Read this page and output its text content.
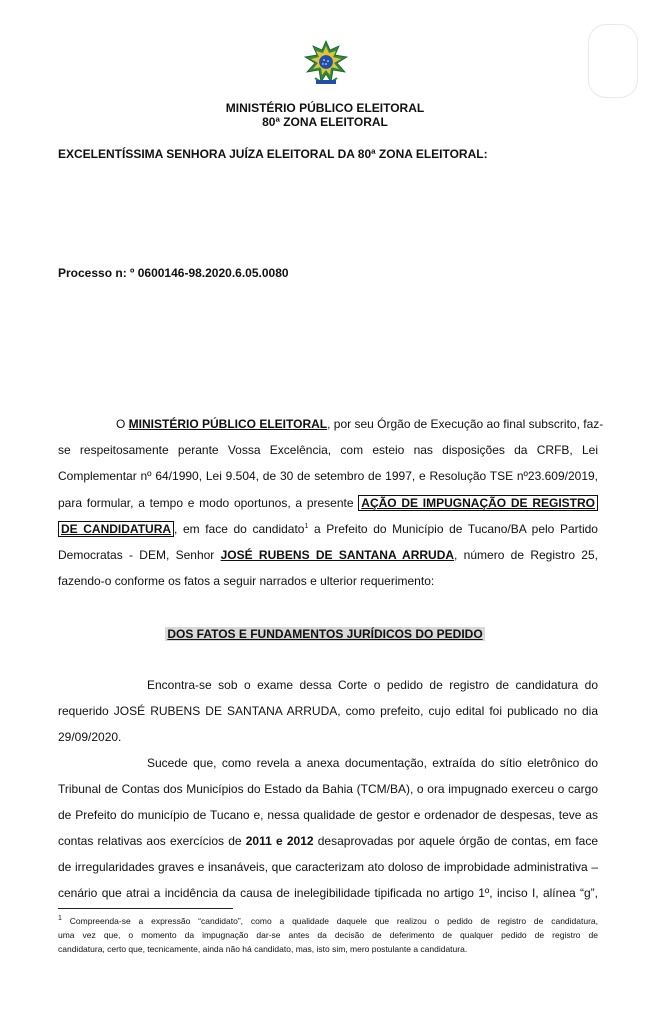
MINISTÉRIO PÚBLICO ELEITORAL
80ª ZONA ELEITORAL
EXCELENTÍSSIMA SENHORA JUÍZA ELEITORAL DA 80ª ZONA ELEITORAL:
Processo n: º 0600146-98.2020.6.05.0080
O MINISTÉRIO PÚBLICO ELEITORAL, por seu Órgão de Execução ao final subscrito, faz-
se respeitosamente perante Vossa Excelência, com esteio nas disposições da CRFB, Lei
Complementar nº 64/1990, Lei 9.504, de 30 de setembro de 1997, e Resolução TSE nº23.609/2019,
para formular, a tempo e modo oportunos, a presente AÇÃO DE IMPUGNAÇÃO DE REGISTRO
DE CANDIDATURA , em face do candidato$^1$ a Prefeito do Município de Tucano/BA pelo Partido
Democratas - DEM, Senhor JOSÉ RUBENS DE SANTANA ARRUDA, número de Registro 25,
fazendo-o conforme os fatos a seguir narrados e ulterior requerimento:
DOS FATOS E FUNDAMENTOS JURÍDICOS DO PEDIDO
Encontra-se sob o exame dessa Corte o pedido de registro de candidatura do
requerido JOSÉ RUBENS DE SANTANA ARRUDA, como prefeito, cujo edital foi publicado no dia
29/09/2020.
Sucede que, como revela a anexa documentação, extraída do sítio eletrônico do
Tribunal de Contas dos Municípios do Estado da Bahia (TCM/BA), o ora impugnado exerceu o cargo
de Prefeito do município de Tucano e, nessa qualidade de gestor e ordenador de despesas, teve as
contas relativas aos exercícios de 2011 e 2012 desaprovadas por aquele órgão de contas, em face
de irregularidades graves e insanáveis, que caracterizam ato doloso de improbidade administrativa –
cenário que atrai a incidência da causa de inelegibilidade tipificada no artigo 1º, inciso I, alínea “g”,
$^1$ Compreenda-se a expressão “candidato”, como a qualidade daquele que realizou o pedido de registro de candidatura,
uma vez que, o momento da impugnação dar-se antes da decisão de deferimento de qualquer pedido de registro de
candidatura, certo que, tecnicamente, ainda não há candidato, mas, isto sim, mero postulante a candidatura.
